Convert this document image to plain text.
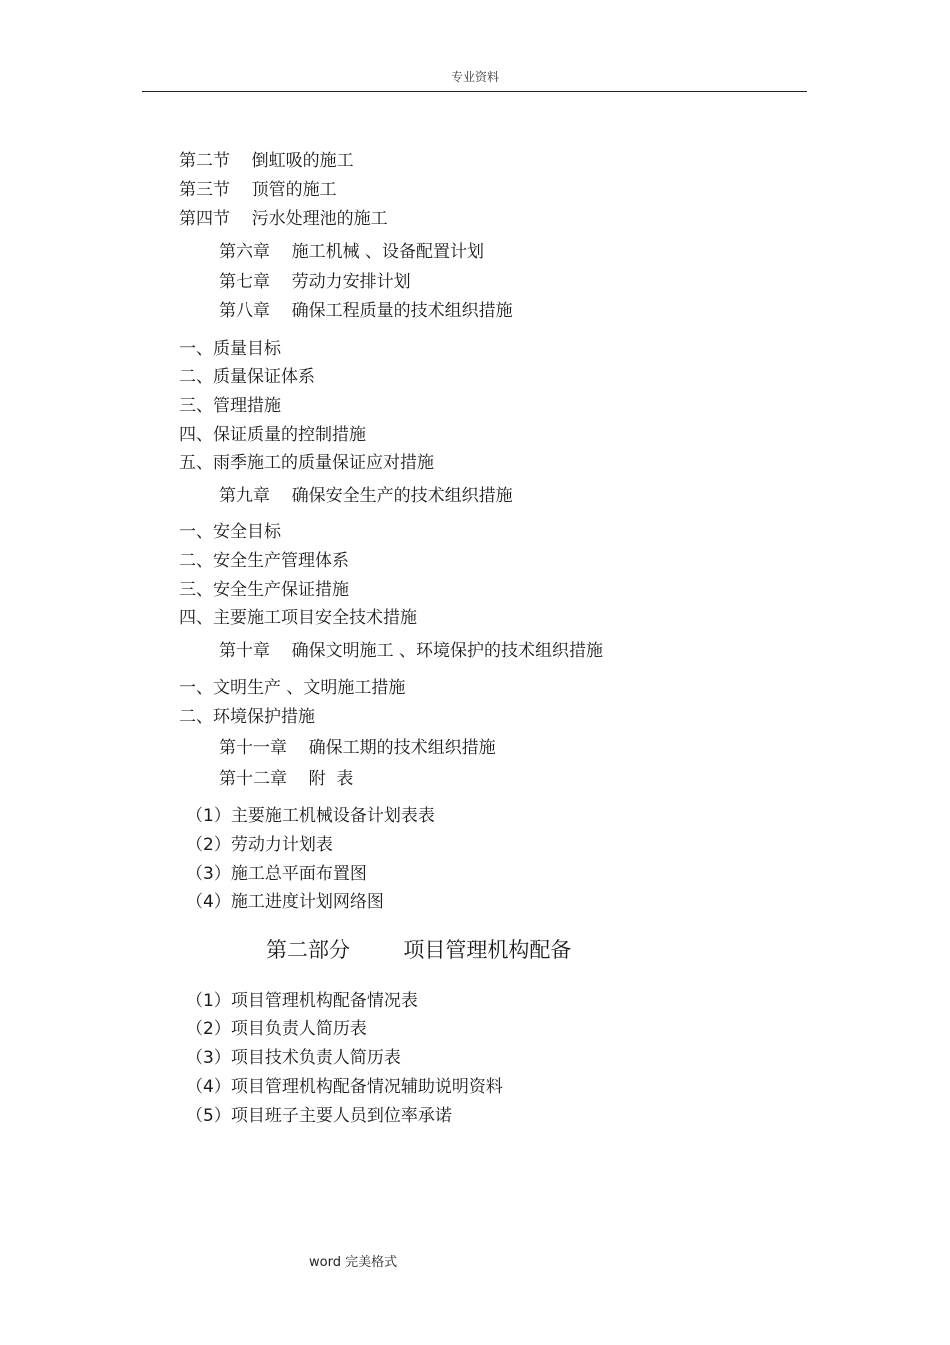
专业资料
第二节    倒虹吸的施工
第三节    顶管的施工
第四节    污水处理池的施工
第六章    施工机械 、设备配置计划
第七章    劳动力安排计划
第八章    确保工程质量的技术组织措施
一、质量目标
二、质量保证体系
三、管理措施
四、保证质量的控制措施
五、雨季施工的质量保证应对措施
第九章    确保安全生产的技术组织措施
一、安全目标
二、安全生产管理体系
三、安全生产保证措施
四、主要施工项目安全技术措施
第十章    确保文明施工 、环境保护的技术组织措施
一、文明生产 、文明施工措施
二、环境保护措施
第十一章    确保工期的技术组织措施
第十二章    附  表
（1）主要施工机械设备计划表表
（2）劳动力计划表
（3）施工总平面布置图
（4）施工进度计划网络图
第二部分        项目管理机构配备
（1）项目管理机构配备情况表
（2）项目负责人简历表
（3）项目技术负责人简历表
（4）项目管理机构配备情况辅助说明资料
（5）项目班子主要人员到位率承诺
word 完美格式
